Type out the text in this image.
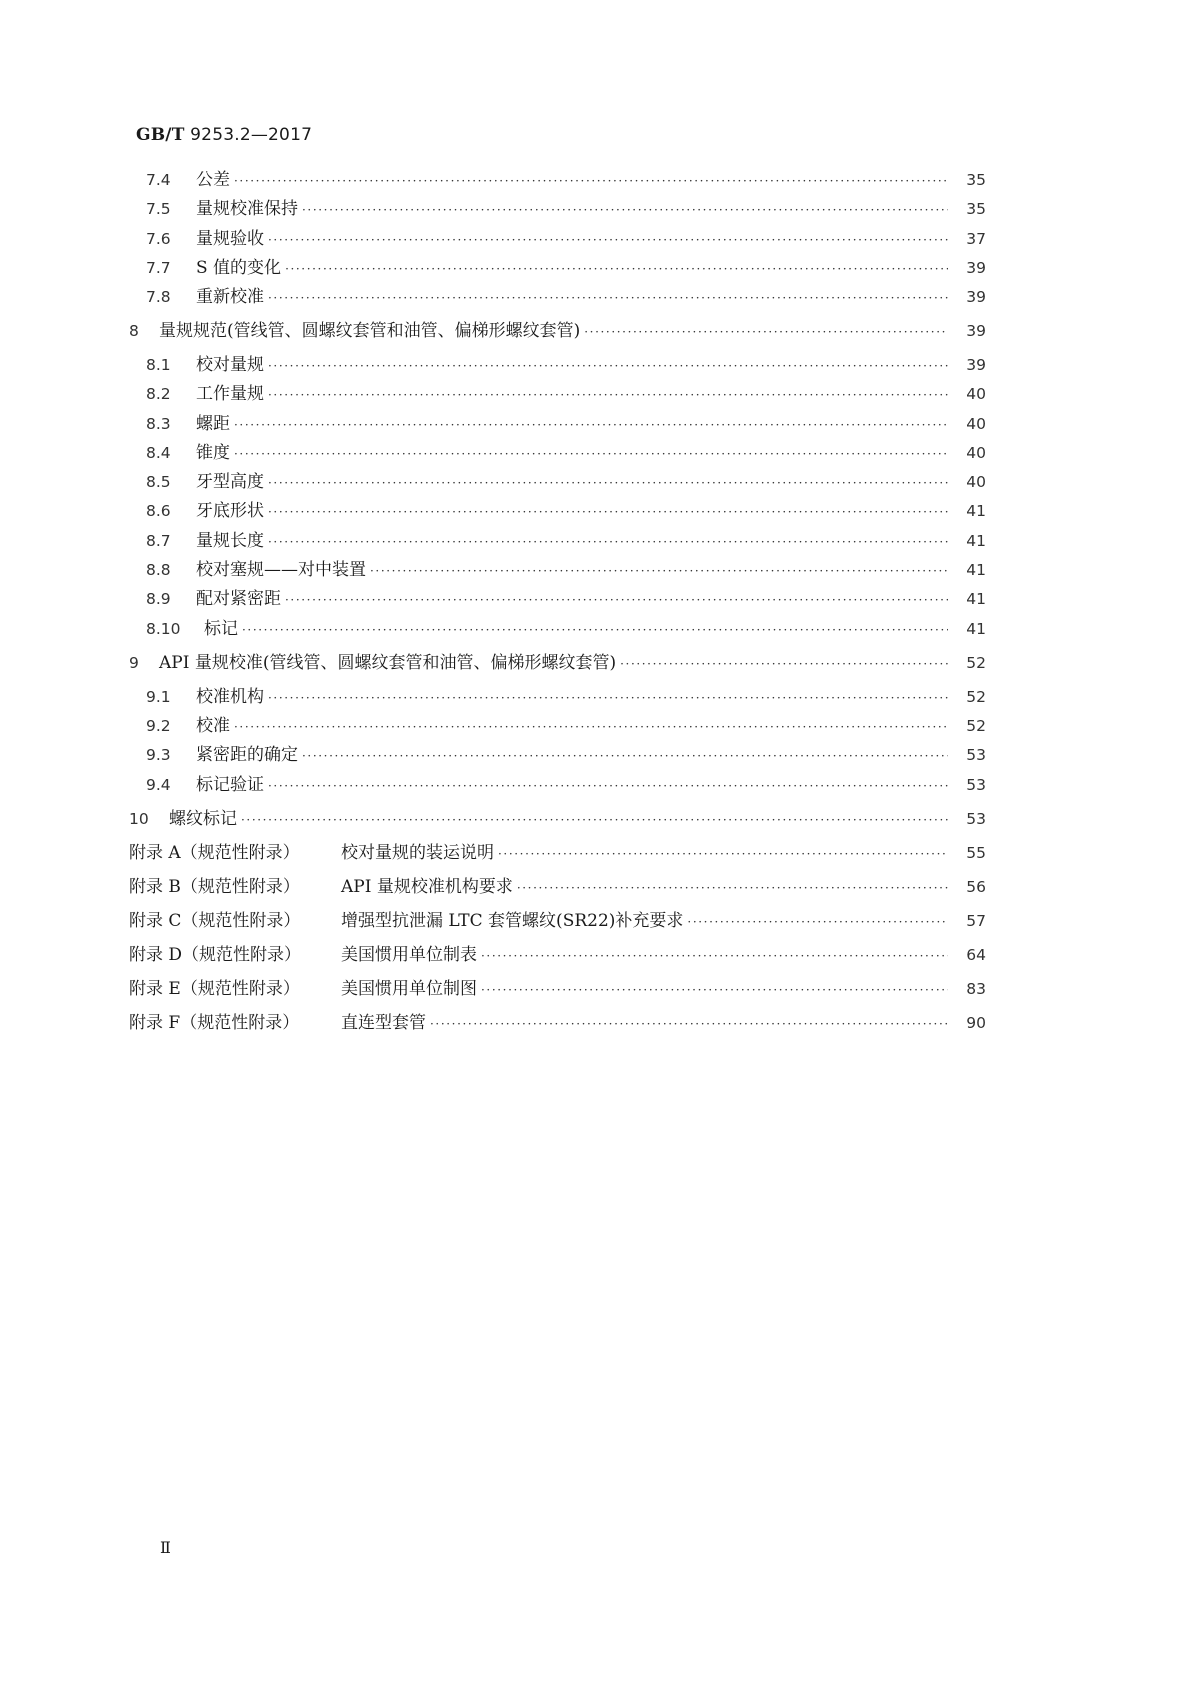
GB/T 9253.2—2017
7.4	公差 ·····	35
7.5	量规校准保持 ·····	35
7.6	量规验收 ·····	37
7.7	S 值的变化 ·····	39
7.8	重新校准 ·····	39
8	量规规范(管线管、圆螺纹套管和油管、偏梯形螺纹套管) ·····	39
8.1	校对量规 ·····	39
8.2	工作量规 ·····	40
8.3	螺距 ·····	40
8.4	锥度 ·····	40
8.5	牙型高度 ·····	40
8.6	牙底形状 ·····	41
8.7	量规长度 ·····	41
8.8	校对塞规——对中装置 ·····	41
8.9	配对紧密距 ·····	41
8.10	标记 ·····	41
9	API 量规校准(管线管、圆螺纹套管和油管、偏梯形螺纹套管) ·····	52
9.1	校准机构 ·····	52
9.2	校准 ·····	52
9.3	紧密距的确定 ·····	53
9.4	标记验证 ·····	53
10	螺纹标记 ·····	53
附录 A（规范性附录）	校对量规的装运说明 ·····	55
附录 B（规范性附录）	API 量规校准机构要求 ·····	56
附录 C（规范性附录）	增强型抗泄漏 LTC 套管螺纹(SR22)补充要求 ·····	57
附录 D（规范性附录）	美国惯用单位制表 ·····	64
附录 E（规范性附录）	美国惯用单位制图 ·····	83
附录 F（规范性附录）	直连型套管 ·····	90
Ⅱ
